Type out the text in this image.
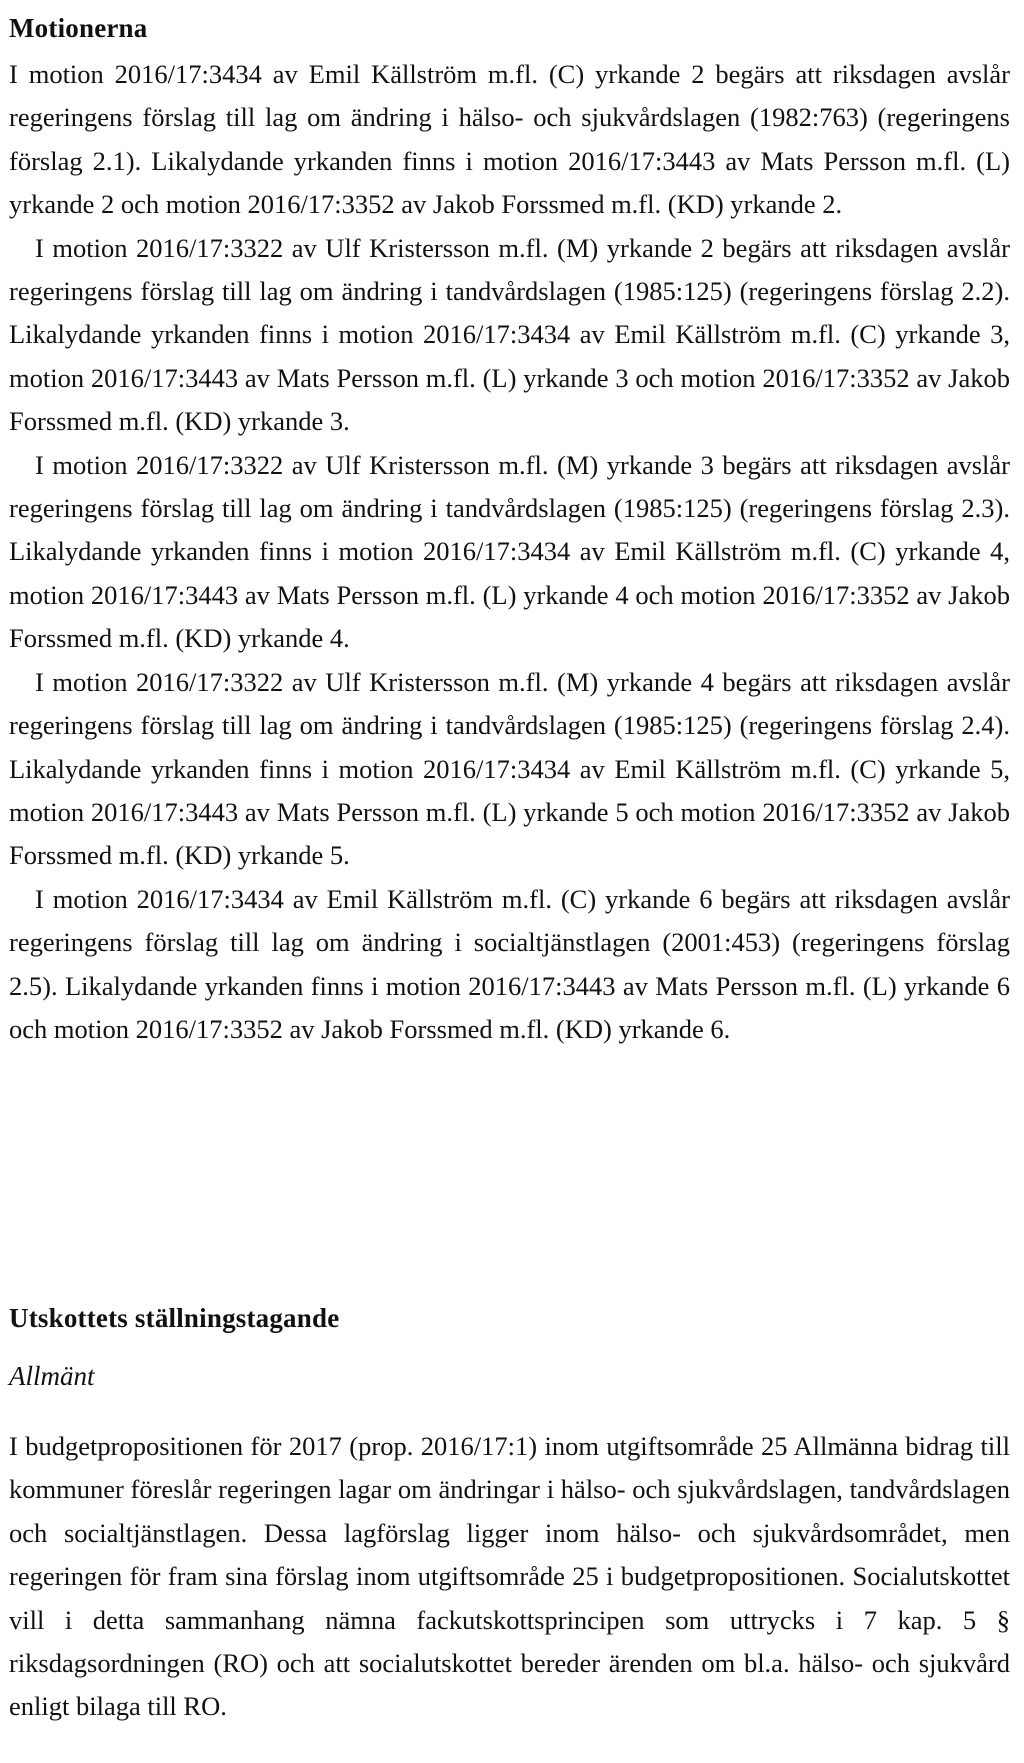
Motionerna

I motion 2016/17:3434 av Emil Källström m.fl. (C) yrkande 2 begärs att riksdagen avslår regeringens förslag till lag om ändring i hälso- och sjukvårdslagen (1982:763) (regeringens förslag 2.1). Likalydande yrkanden finns i motion 2016/17:3443 av Mats Persson m.fl. (L) yrkande 2 och motion 2016/17:3352 av Jakob Forssmed m.fl. (KD) yrkande 2.

I motion 2016/17:3322 av Ulf Kristersson m.fl. (M) yrkande 2 begärs att riksdagen avslår regeringens förslag till lag om ändring i tandvårdslagen (1985:125) (regeringens förslag 2.2). Likalydande yrkanden finns i motion 2016/17:3434 av Emil Källström m.fl. (C) yrkande 3, motion 2016/17:3443 av Mats Persson m.fl. (L) yrkande 3 och motion 2016/17:3352 av Jakob Forssmed m.fl. (KD) yrkande 3.

I motion 2016/17:3322 av Ulf Kristersson m.fl. (M) yrkande 3 begärs att riksdagen avslår regeringens förslag till lag om ändring i tandvårdslagen (1985:125) (regeringens förslag 2.3). Likalydande yrkanden finns i motion 2016/17:3434 av Emil Källström m.fl. (C) yrkande 4, motion 2016/17:3443 av Mats Persson m.fl. (L) yrkande 4 och motion 2016/17:3352 av Jakob Forssmed m.fl. (KD) yrkande 4.

I motion 2016/17:3322 av Ulf Kristersson m.fl. (M) yrkande 4 begärs att riksdagen avslår regeringens förslag till lag om ändring i tandvårdslagen (1985:125) (regeringens förslag 2.4). Likalydande yrkanden finns i motion 2016/17:3434 av Emil Källström m.fl. (C) yrkande 5, motion 2016/17:3443 av Mats Persson m.fl. (L) yrkande 5 och motion 2016/17:3352 av Jakob Forssmed m.fl. (KD) yrkande 5.

I motion 2016/17:3434 av Emil Källström m.fl. (C) yrkande 6 begärs att riksdagen avslår regeringens förslag till lag om ändring i socialtjänstlagen (2001:453) (regeringens förslag 2.5). Likalydande yrkanden finns i motion 2016/17:3443 av Mats Persson m.fl. (L) yrkande 6 och motion 2016/17:3352 av Jakob Forssmed m.fl. (KD) yrkande 6.

Utskottets ställningstagande
Allmänt

I budgetpropositionen för 2017 (prop. 2016/17:1) inom utgiftsområde 25 Allmänna bidrag till kommuner föreslår regeringen lagar om ändringar i hälso- och sjukvårdslagen, tandvårdslagen och socialtjänstlagen. Dessa lagförslag ligger inom hälso- och sjukvårdsområdet, men regeringen för fram sina förslag inom utgiftsområde 25 i budgetpropositionen. Socialutskottet vill i detta sammanhang nämna fackutskottsprincipen som uttrycks i 7 kap. 5 § riksdagsordningen (RO) och att socialutskottet bereder ärenden om bl.a. hälso- och sjukvård enligt bilaga till RO.
